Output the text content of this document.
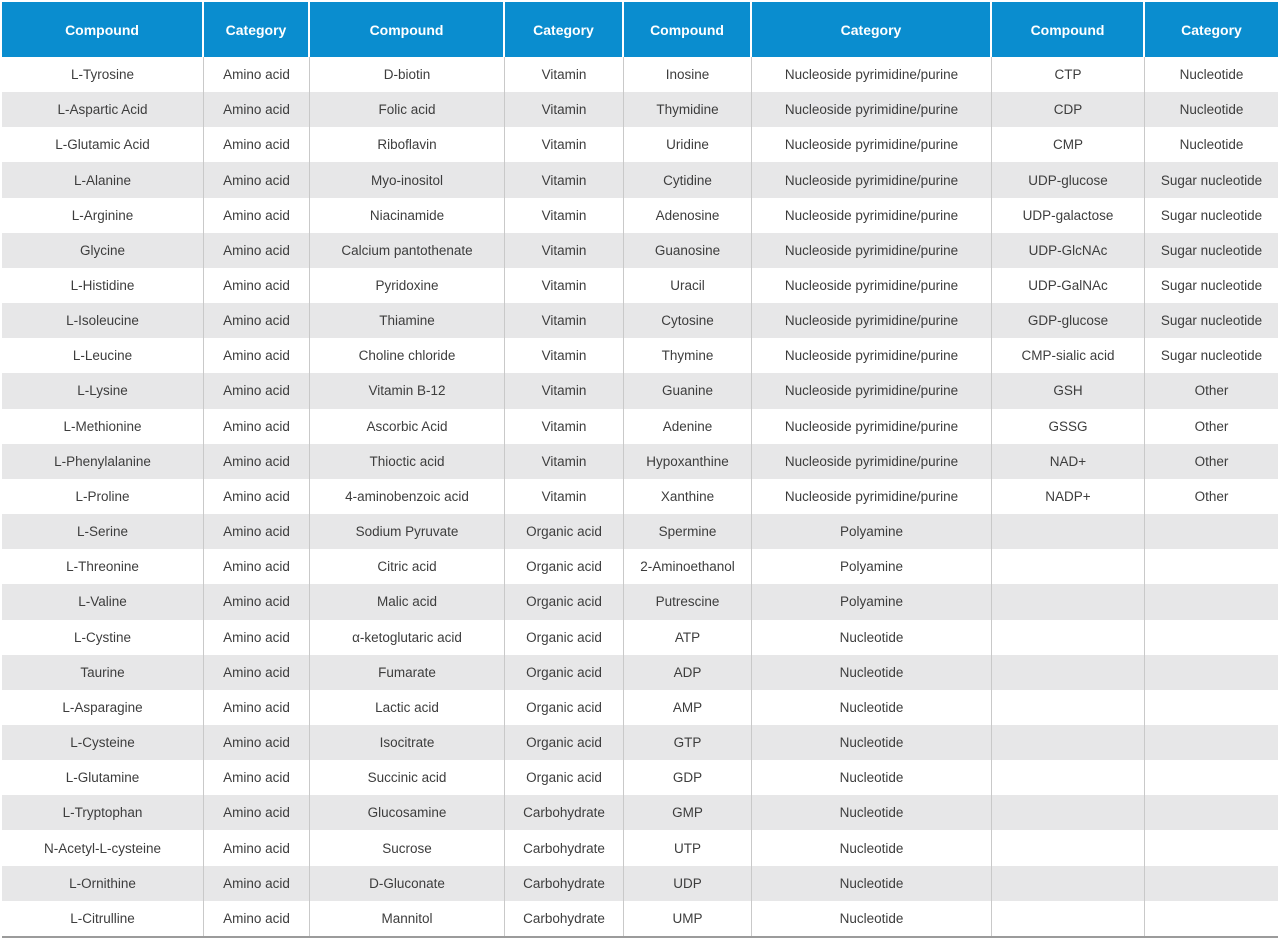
Compound	Category	Compound	Category	Compound	Category	Compound	Category
L-Tyrosine	Amino acid	D-biotin	Vitamin	Inosine	Nucleoside pyrimidine/purine	CTP	Nucleotide
L-Aspartic Acid	Amino acid	Folic acid	Vitamin	Thymidine	Nucleoside pyrimidine/purine	CDP	Nucleotide
L-Glutamic Acid	Amino acid	Riboflavin	Vitamin	Uridine	Nucleoside pyrimidine/purine	CMP	Nucleotide
L-Alanine	Amino acid	Myo-inositol	Vitamin	Cytidine	Nucleoside pyrimidine/purine	UDP-glucose	Sugar nucleotide
L-Arginine	Amino acid	Niacinamide	Vitamin	Adenosine	Nucleoside pyrimidine/purine	UDP-galactose	Sugar nucleotide
Glycine	Amino acid	Calcium pantothenate	Vitamin	Guanosine	Nucleoside pyrimidine/purine	UDP-GlcNAc	Sugar nucleotide
L-Histidine	Amino acid	Pyridoxine	Vitamin	Uracil	Nucleoside pyrimidine/purine	UDP-GalNAc	Sugar nucleotide
L-Isoleucine	Amino acid	Thiamine	Vitamin	Cytosine	Nucleoside pyrimidine/purine	GDP-glucose	Sugar nucleotide
L-Leucine	Amino acid	Choline chloride	Vitamin	Thymine	Nucleoside pyrimidine/purine	CMP-sialic acid	Sugar nucleotide
L-Lysine	Amino acid	Vitamin B-12	Vitamin	Guanine	Nucleoside pyrimidine/purine	GSH	Other
L-Methionine	Amino acid	Ascorbic Acid	Vitamin	Adenine	Nucleoside pyrimidine/purine	GSSG	Other
L-Phenylalanine	Amino acid	Thioctic acid	Vitamin	Hypoxanthine	Nucleoside pyrimidine/purine	NAD+	Other
L-Proline	Amino acid	4-aminobenzoic acid	Vitamin	Xanthine	Nucleoside pyrimidine/purine	NADP+	Other
L-Serine	Amino acid	Sodium Pyruvate	Organic acid	Spermine	Polyamine		
L-Threonine	Amino acid	Citric acid	Organic acid	2-Aminoethanol	Polyamine		
L-Valine	Amino acid	Malic acid	Organic acid	Putrescine	Polyamine		
L-Cystine	Amino acid	α-ketoglutaric acid	Organic acid	ATP	Nucleotide		
Taurine	Amino acid	Fumarate	Organic acid	ADP	Nucleotide		
L-Asparagine	Amino acid	Lactic acid	Organic acid	AMP	Nucleotide		
L-Cysteine	Amino acid	Isocitrate	Organic acid	GTP	Nucleotide		
L-Glutamine	Amino acid	Succinic acid	Organic acid	GDP	Nucleotide		
L-Tryptophan	Amino acid	Glucosamine	Carbohydrate	GMP	Nucleotide		
N-Acetyl-L-cysteine	Amino acid	Sucrose	Carbohydrate	UTP	Nucleotide		
L-Ornithine	Amino acid	D-Gluconate	Carbohydrate	UDP	Nucleotide		
L-Citrulline	Amino acid	Mannitol	Carbohydrate	UMP	Nucleotide		
